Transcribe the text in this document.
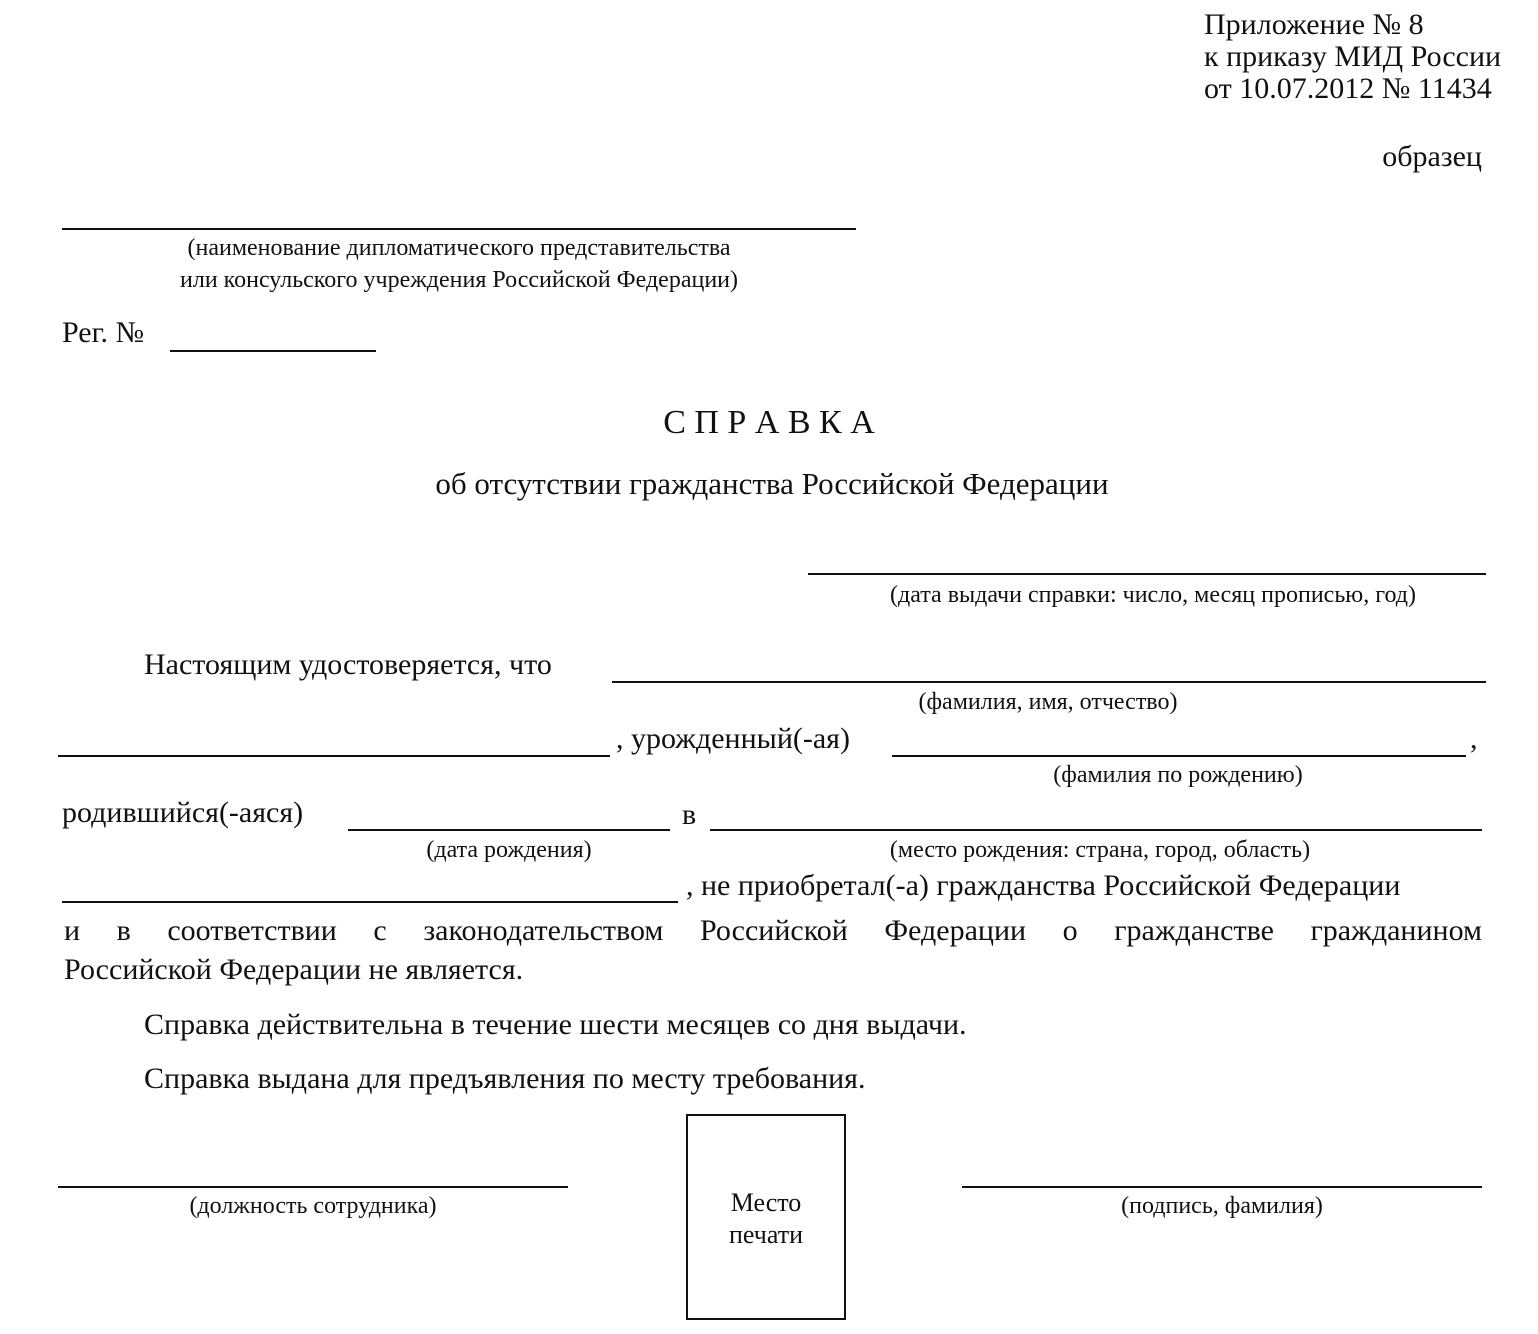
Приложение № 8
к приказу МИД России
от 10.07.2012 № 11434
образец
(наименование дипломатического представительства
или консульского учреждения Российской Федерации)
Рег. №
С П Р А В К А
об отсутствии гражданства Российской Федерации
(дата выдачи справки: число, месяц прописью, год)
Настоящим удостоверяется, что
(фамилия, имя, отчество)
, урожденный(-ая)	,
(фамилия по рождению)
родившийся(-аяся)	в
(дата рождения)	(место рождения: страна, город, область)
, не приобретал(-а) гражданства Российской Федерации
и в соответствии с законодательством Российской Федерации о гражданстве гражданином
Российской Федерации не является.
Справка действительна в течение шести месяцев со дня выдачи.
Справка выдана для предъявления по месту требования.
(должность сотрудника)	Место
печати
(подпись, фамилия)
